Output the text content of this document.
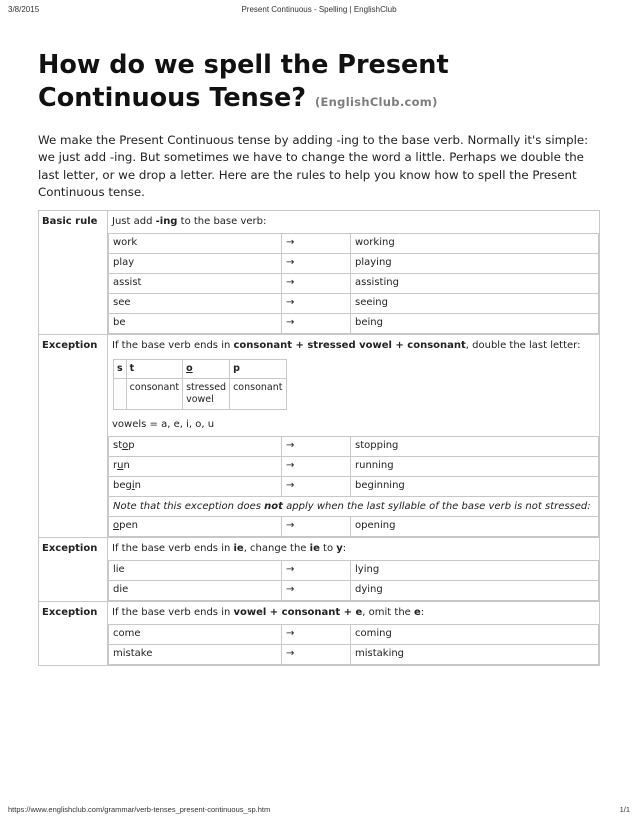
3/8/2015	Present Continuous - Spelling | EnglishClub
How do we spell the Present
Continuous Tense? (EnglishClub.com)

We make the Present Continuous tense by adding -ing to the base verb. Normally it's simple: we just add -ing. But sometimes we have to change the word a little. Perhaps we double the last letter, or we drop a letter. Here are the rules to help you know how to spell the Present Continuous tense.

Basic rule	Just add -ing to the base verb:
work	→	working
play	→	playing
assist	→	assisting
see	→	seeing
be	→	being

Exception	If the base verb ends in consonant + stressed vowel + consonant, double the last letter:
s	t	o	p
	consonant	stressed vowel	consonant
vowels = a, e, i, o, u
stop	→	stopping
run	→	running
begin	→	beginning
Note that this exception does not apply when the last syllable of the base verb is not stressed:
open	→	opening

Exception	If the base verb ends in ie, change the ie to y:
lie	→	lying
die	→	dying

Exception	If the base verb ends in vowel + consonant + e, omit the e:
come	→	coming
mistake	→	mistaking
https://www.englishclub.com/grammar/verb-tenses_present-continuous_sp.htm	1/1
